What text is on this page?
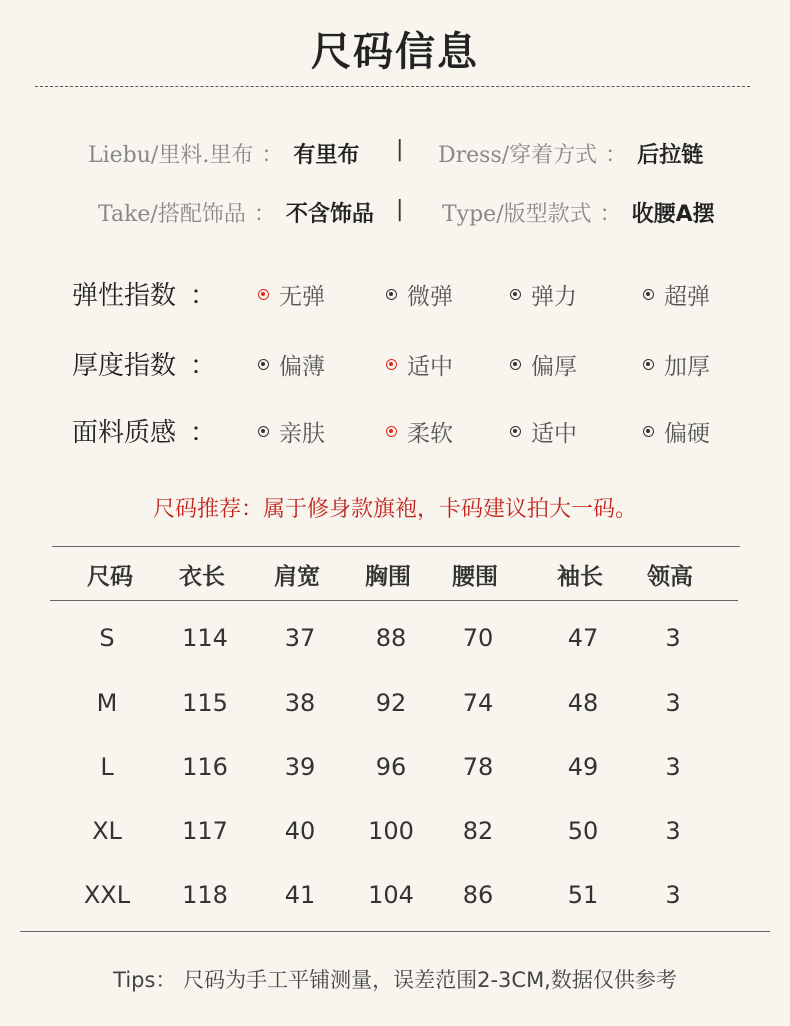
尺码信息
Liebu/里料.里布 ： 有里布 | Dress/穿着方式 ： 后拉链
Take/搭配饰品 ： 不含饰品 | Type/版型款式 ： 收腰A摆
弹性指数 ：	无弹	微弹	弹力	超弹
厚度指数 ：	偏薄	适中	偏厚	加厚
面料质感 ：	亲肤	柔软	适中	偏硬
尺码推荐：属于修身款旗袍，卡码建议拍大一码。
尺码 衣长 肩宽 胸围 腰围	袖长 领高
S	114 37	88 70	47	3
M	115 38	92 74	48	3
L	116 39	96 78	49	3
XL	117 40 100 82	50	3
XXL 118 41 104 86	51	3
Tips： 尺码为手工平铺测量，误差范围2-3CM,数据仅供参考
